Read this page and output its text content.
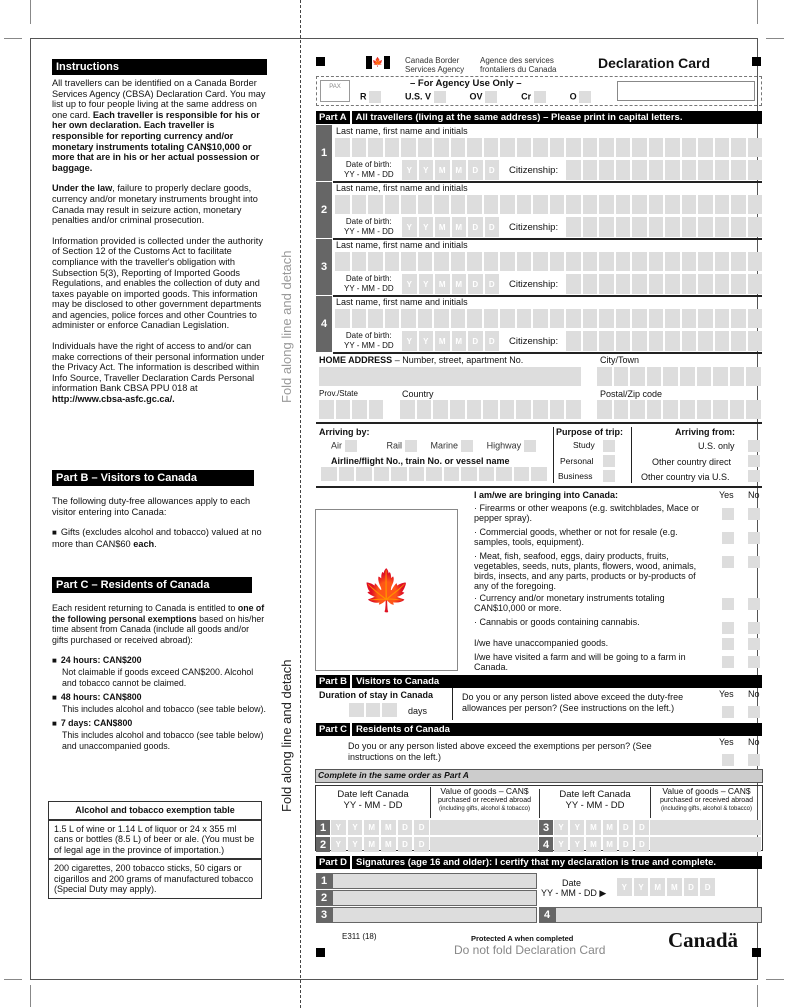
Fold along line and detach
Fold along line and detach
Instructions

All travellers can be identified on a Canada Border Services Agency (CBSA) Declaration Card. You may list up to four people living at the same address on one card. Each traveller is responsible for his or her own declaration. Each traveller is responsible for reporting currency and/or monetary instruments totaling CAN$10,000 or more that are in his or her actual possession or baggage.

Under the law, failure to properly declare goods, currency and/or monetary instruments brought into Canada may result in seizure action, monetary penalties and/or criminal prosecution.

Information provided is collected under the authority of Section 12 of the Customs Act to facilitate compliance with the traveller's obligation with Subsection 5(3), Reporting of Imported Goods Regulations, and enables the collection of duty and taxes payable on imported goods. This information may be disclosed to other government departments and agencies, police forces and other Countries to administer or enforce Canadian Legislation.

Individuals have the right of access to and/or can make corrections of their personal information under the Privacy Act. The information is described within Info Source, Traveller Declaration Cards Personal information Bank CBSA PPU 018 at http://www.cbsa-asfc.gc.ca/.

Part B – Visitors to Canada

The following duty-free allowances apply to each visitor entering into Canada:

■ Gifts (excludes alcohol and tobacco) valued at no more than CAN$60 each.

Part C – Residents of Canada

Each resident returning to Canada is entitled to one of the following personal exemptions based on his/her time absent from Canada (include all goods and/or gifts purchased or received abroad):

■ 24 hours: CAN$200

Not claimable if goods exceed CAN$200. Alcohol and tobacco cannot be claimed.

■ 48 hours: CAN$800

This includes alcohol and tobacco (see table below).

■ 7 days: CAN$800

This includes alcohol and tobacco (see table below) and unaccompanied goods.

Alcohol and tobacco exemption table
1.5 L of wine or 1.14 L of liquor or 24 x 355 ml cans or bottles (8.5 L) of beer or ale. (You must be of legal age in the province of importation.)
200 cigarettes, 200 tobacco sticks, 50 cigars or cigarillos and 200 grams of manufactured tobacco (Special Duty may apply).
🍁	Canada Border Services Agency
Agence des services frontaliers du Canada	Declaration Card
PAX	– For Agency Use Only –
R	U.S. V	OV	Cr	O
Part A All travellers (living at the same address) – Please print in capital letters.
1
Last name, first name and initials
Date of birth:
YY - MM - DD	Y	Y	M	M	D	D	Citizenship:
2
Last name, first name and initials
Date of birth:
YY - MM - DD	Y	Y	M	M	D	D	Citizenship:
3
Last name, first name and initials
Date of birth:
YY - MM - DD	Y	Y	M	M	D	D	Citizenship:
4
Last name, first name and initials
Date of birth:
YY - MM - DD	Y	Y	M	M	D	D	Citizenship:
HOME ADDRESS – Number, street, apartment No.	City/Town
Prov./State	Country	Postal/Zip code
Arriving by:
Air	Rail	Marine	Highway
Airline/flight No., train No. or vessel name
Purpose of trip:
Study
Personal
Business
Arriving from:
U.S. only
Other country direct
Other country via U.S.
🍁
I am/we are bringing into Canada:	Yes No
· Firearms or other weapons (e.g. switchblades, Mace or pepper spray).
· Commercial goods, whether or not for resale (e.g. samples, tools, equipment).
· Meat, fish, seafood, eggs, dairy products, fruits, vegetables, seeds, nuts, plants, flowers, wood, animals, birds, insects, and any parts, products or by-products of any of the foregoing.
· Currency and/or monetary instruments totaling CAN$10,000 or more.
· Cannabis or goods containing cannabis.
I/we have unaccompanied goods.
I/we have visited a farm and will be going to a farm in Canada.
Part B Visitors to Canada
Duration of stay in Canada
days
Do you or any person listed above exceed the duty-free allowances per person? (See instructions on the left.)
Yes No
Part C Residents of Canada
Do you or any person listed above exceed the exemptions per person? (See instructions on the left.)
Yes No
Complete in the same order as Part A
Date left Canada
YY - MM - DD
Value of goods – CAN$
purchased or received abroad
(including gifts, alcohol & tobacco)
Date left Canada
YY - MM - DD
Value of goods – CAN$
purchased or received abroad
(including gifts, alcohol & tobacco)
1	Y	Y	M	M	D	D
2	Y	Y	M	M	D	D
3	Y	Y	M	M	D	D
4	Y	Y	M	M	D	D
Part D Signatures (age 16 and older): I certify that my declaration is true and complete.
1
2
3	4
Date
YY - MM - DD ▶
Y	Y	M	M	D	D
E311 (18)	Protected A when completed
Do not fold Declaration Card	Canadä
